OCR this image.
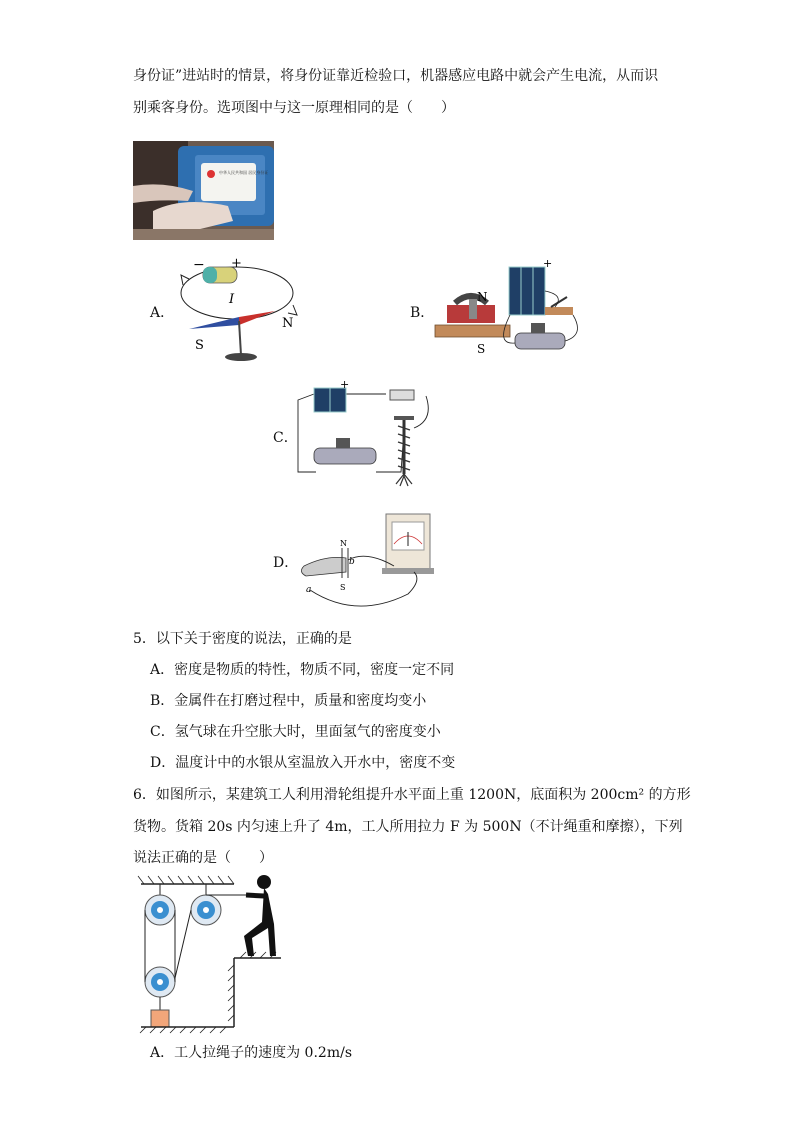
身份证”进站时的情景，将身份证靠近检验口，机器感应电路中就会产生电流，从而识
别乘客身份。选项图中与这一原理相同的是（　　）
中华人民共和国 居民身份证
A．
− +
I
N
S
B．
N
S
+
C．
+
D．
N
S
b
a
5．以下关于密度的说法，正确的是
A．密度是物质的特性，物质不同，密度一定不同
B．金属件在打磨过程中，质量和密度均变小
C．氢气球在升空胀大时，里面氢气的密度变小
D．温度计中的水银从室温放入开水中，密度不变
6．如图所示，某建筑工人利用滑轮组提升水平面上重 1200N，底面积为 200cm² 的方形
货物。货箱 20s 内匀速上升了 4m，工人所用拉力 F 为 500N（不计绳重和摩擦），下列
说法正确的是（　　）
A．工人拉绳子的速度为 0.2m/s
